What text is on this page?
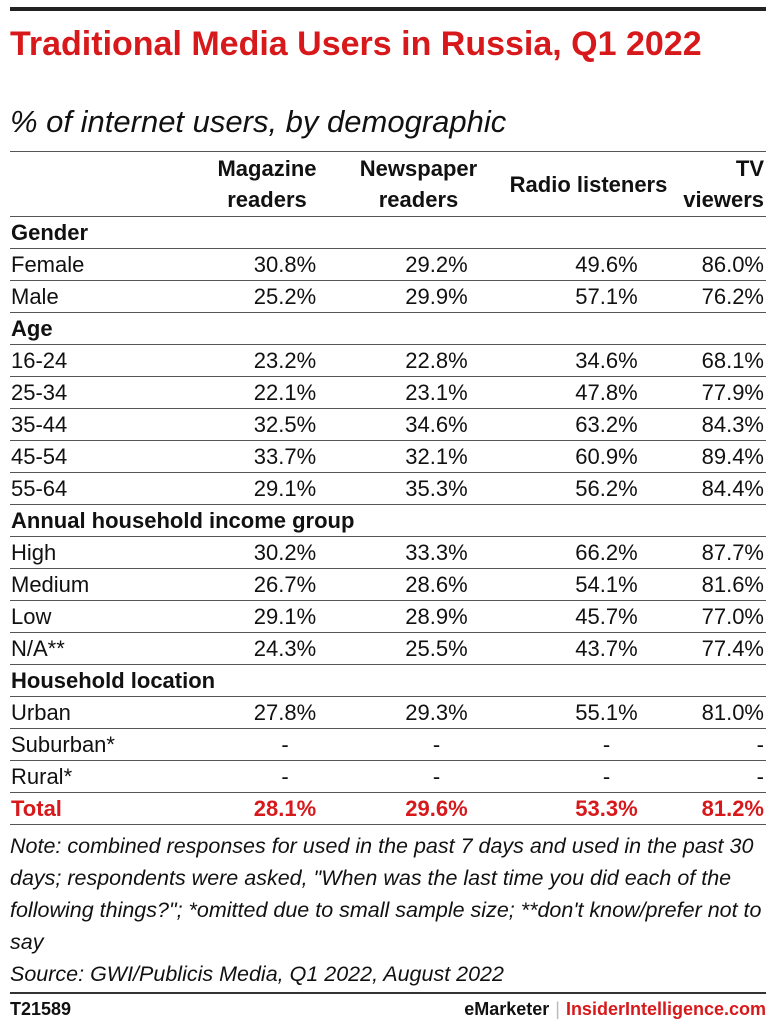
Traditional Media Users in Russia, Q1 2022
% of internet users, by demographic
	Magazine readers	Newspaper readers	Radio listeners	TV viewers
Gender				
Female	30.8%	29.2%	49.6%	86.0%
Male	25.2%	29.9%	57.1%	76.2%
Age				
16-24	23.2%	22.8%	34.6%	68.1%
25-34	22.1%	23.1%	47.8%	77.9%
35-44	32.5%	34.6%	63.2%	84.3%
45-54	33.7%	32.1%	60.9%	89.4%
55-64	29.1%	35.3%	56.2%	84.4%
Annual household income group				
High	30.2%	33.3%	66.2%	87.7%
Medium	26.7%	28.6%	54.1%	81.6%
Low	29.1%	28.9%	45.7%	77.0%
N/A**	24.3%	25.5%	43.7%	77.4%
Household location				
Urban	27.8%	29.3%	55.1%	81.0%
Suburban*	-	-	-	-
Rural*	-	-	-	-
Total	28.1%	29.6%	53.3%	81.2%
Note: combined responses for used in the past 7 days and used in the past 30 days; respondents were asked, "When was the last time you did each of the following things?"; *omitted due to small sample size; **don't know/prefer not to say
Source: GWI/Publicis Media, Q1 2022, August 2022
T21589	eMarketer | InsiderIntelligence.com
